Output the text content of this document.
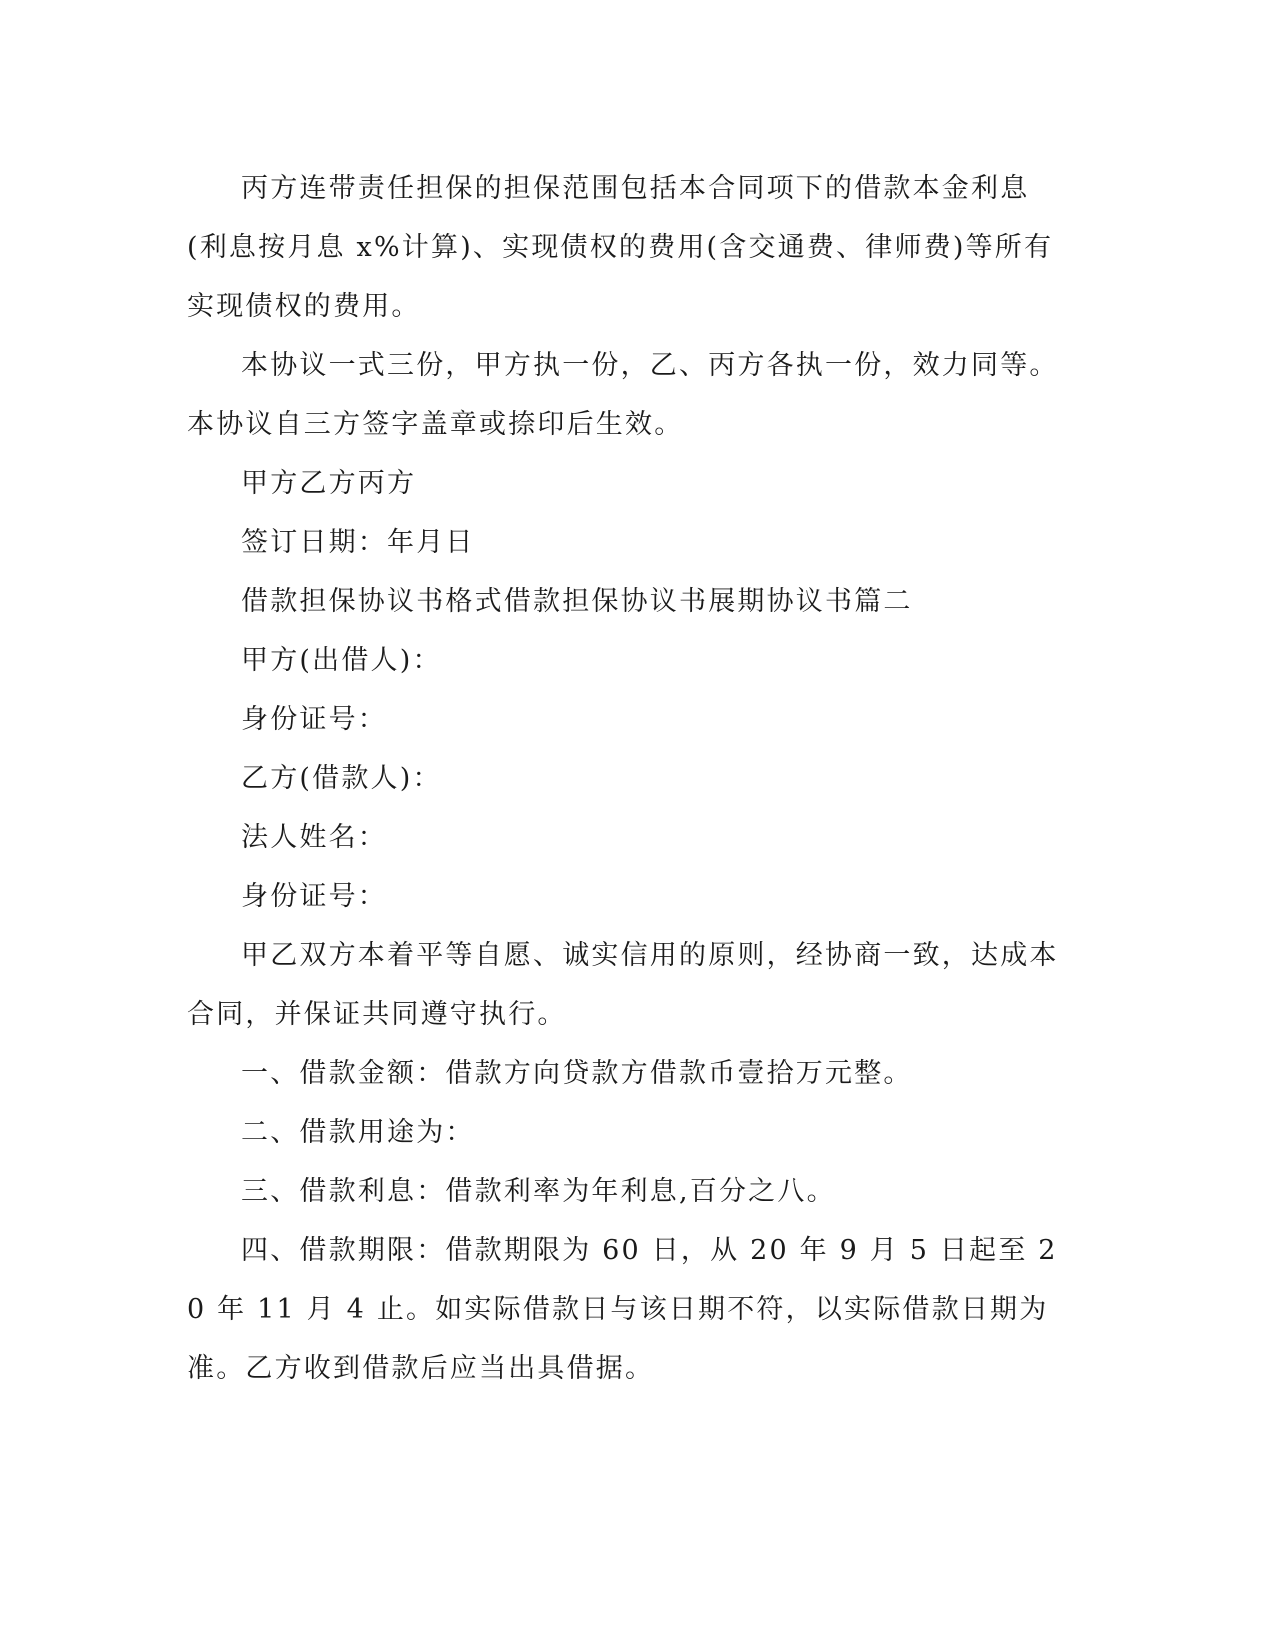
丙方连带责任担保的担保范围包括本合同项下的借款本金利息(利息按月息 x%计算)、实现债权的费用(含交通费、律师费)等所有实现债权的费用。

本协议一式三份，甲方执一份，乙、丙方各执一份，效力同等。本协议自三方签字盖章或捺印后生效。

甲方乙方丙方

签订日期：年月日

借款担保协议书格式借款担保协议书展期协议书篇二

甲方(出借人)：

身份证号：

乙方(借款人)：

法人姓名：

身份证号：

甲乙双方本着平等自愿、诚实信用的原则，经协商一致，达成本合同，并保证共同遵守执行。

一、借款金额：借款方向贷款方借款币壹拾万元整。

二、借款用途为：

三、借款利息：借款利率为年利息,百分之八。

四、借款期限：借款期限为 60 日，从 20 年 9 月 5 日起至 20 年 11 月 4 止。如实际借款日与该日期不符，以实际借款日期为准。乙方收到借款后应当出具借据。
